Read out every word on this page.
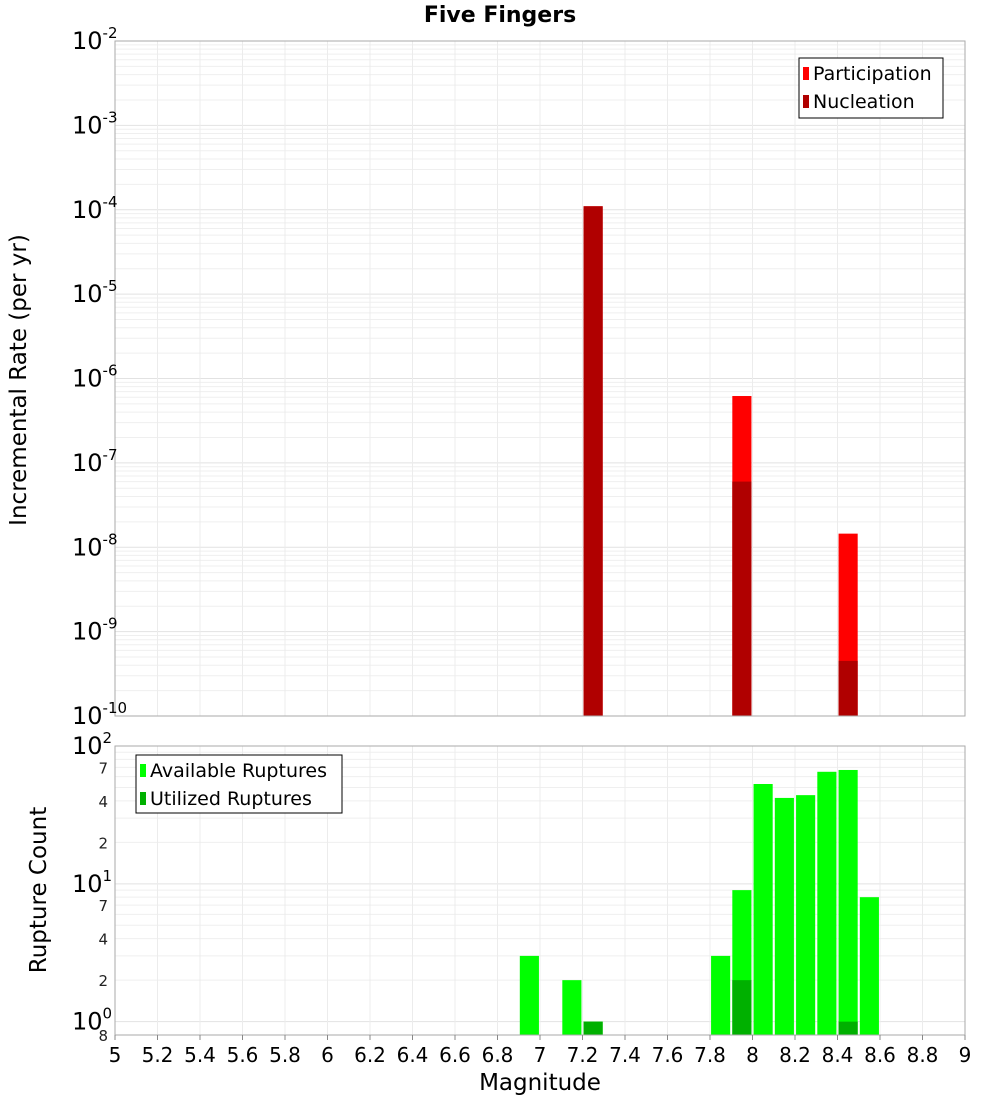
Five Fingers
$10^{-2}$
$10^{-3}$
$10^{-4}$
$10^{-5}$
$10^{-6}$
$10^{-7}$
$10^{-8}$
$10^{-9}$
$10^{-10}$
Incremental Rate (per yr)
Participation
Nucleation
$10^2$
$10^1$
$10^0$
7
4
2
7
4
2
8
5 5.2 5.4 5.6 5.8 6 6.2 6.4 6.6 6.8 7 7.2 7.4 7.6 7.8 8 8.2 8.4 8.6 8.8 9
Rupture Count
Magnitude
Available Ruptures
Utilized Ruptures
